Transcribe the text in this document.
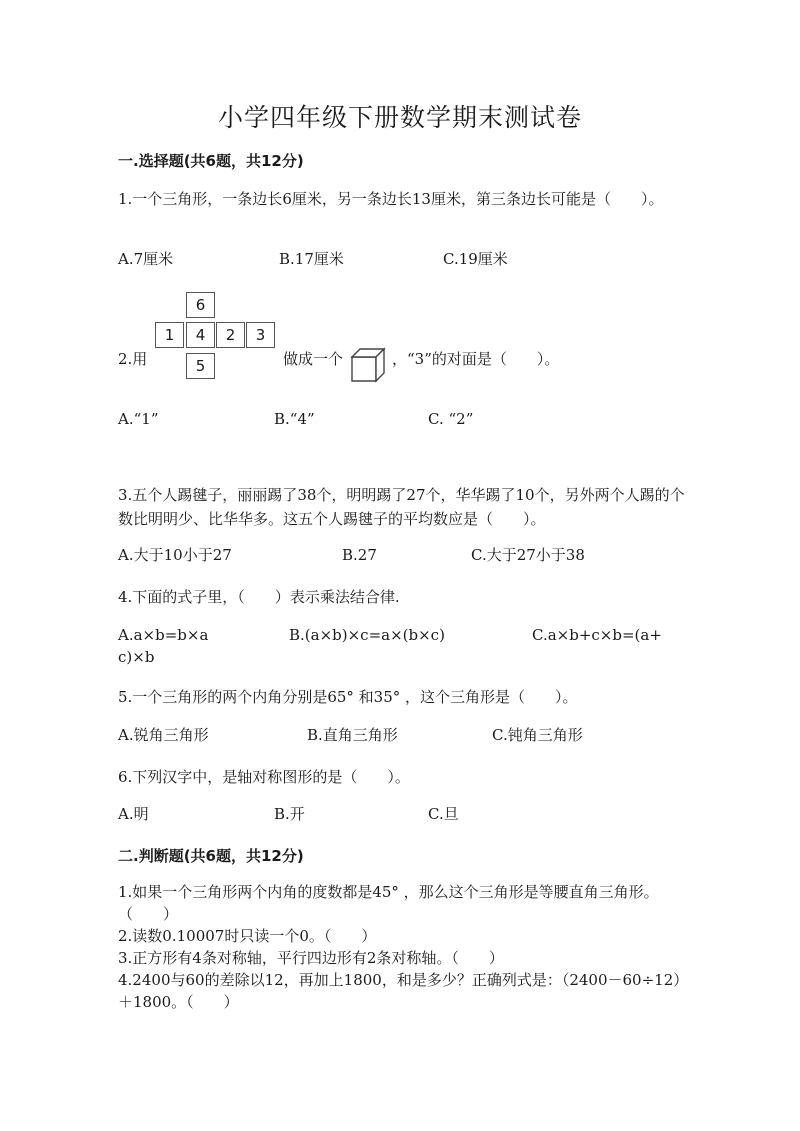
小学四年级下册数学期末测试卷
一.选择题(共6题，共12分)
1.一个三角形，一条边长6厘米，另一条边长13厘米，第三条边长可能是（　　）。
A.7厘米	B.17厘米	C.19厘米
2.用
6
1	4	2	3
5	做成一个	，“3”的对面是（　　）。
A.“1”	B.“4”	C. “2”
3.五个人踢毽子，丽丽踢了38个，明明踢了27个，华华踢了10个，另外两个人踢的个数比明明少、比华华多。这五个人踢毽子的平均数应是（　　）。
A.大于10小于27	B.27	C.大于27小于38
4.下面的式子里，（　　）表示乘法结合律.
A.a×b=b×a	B.(a×b)×c=a×(b×c)	C.a×b+c×b=(a+
c)×b
5.一个三角形的两个内角分别是65° 和35° ，这个三角形是（　　）。
A.锐角三角形	B.直角三角形	C.钝角三角形
6.下列汉字中，是轴对称图形的是（　　）。
A.明	B.开	C.旦
二.判断题(共6题，共12分)
1.如果一个三角形两个内角的度数都是45° ，那么这个三角形是等腰直角三角形。（　　）
2.读数0.10007时只读一个0。（　　）
3.正方形有4条对称轴，平行四边形有2条对称轴。（　　）
4.2400与60的差除以12，再加上1800，和是多少？正确列式是：（2400－60÷12）＋1800。（　　）
